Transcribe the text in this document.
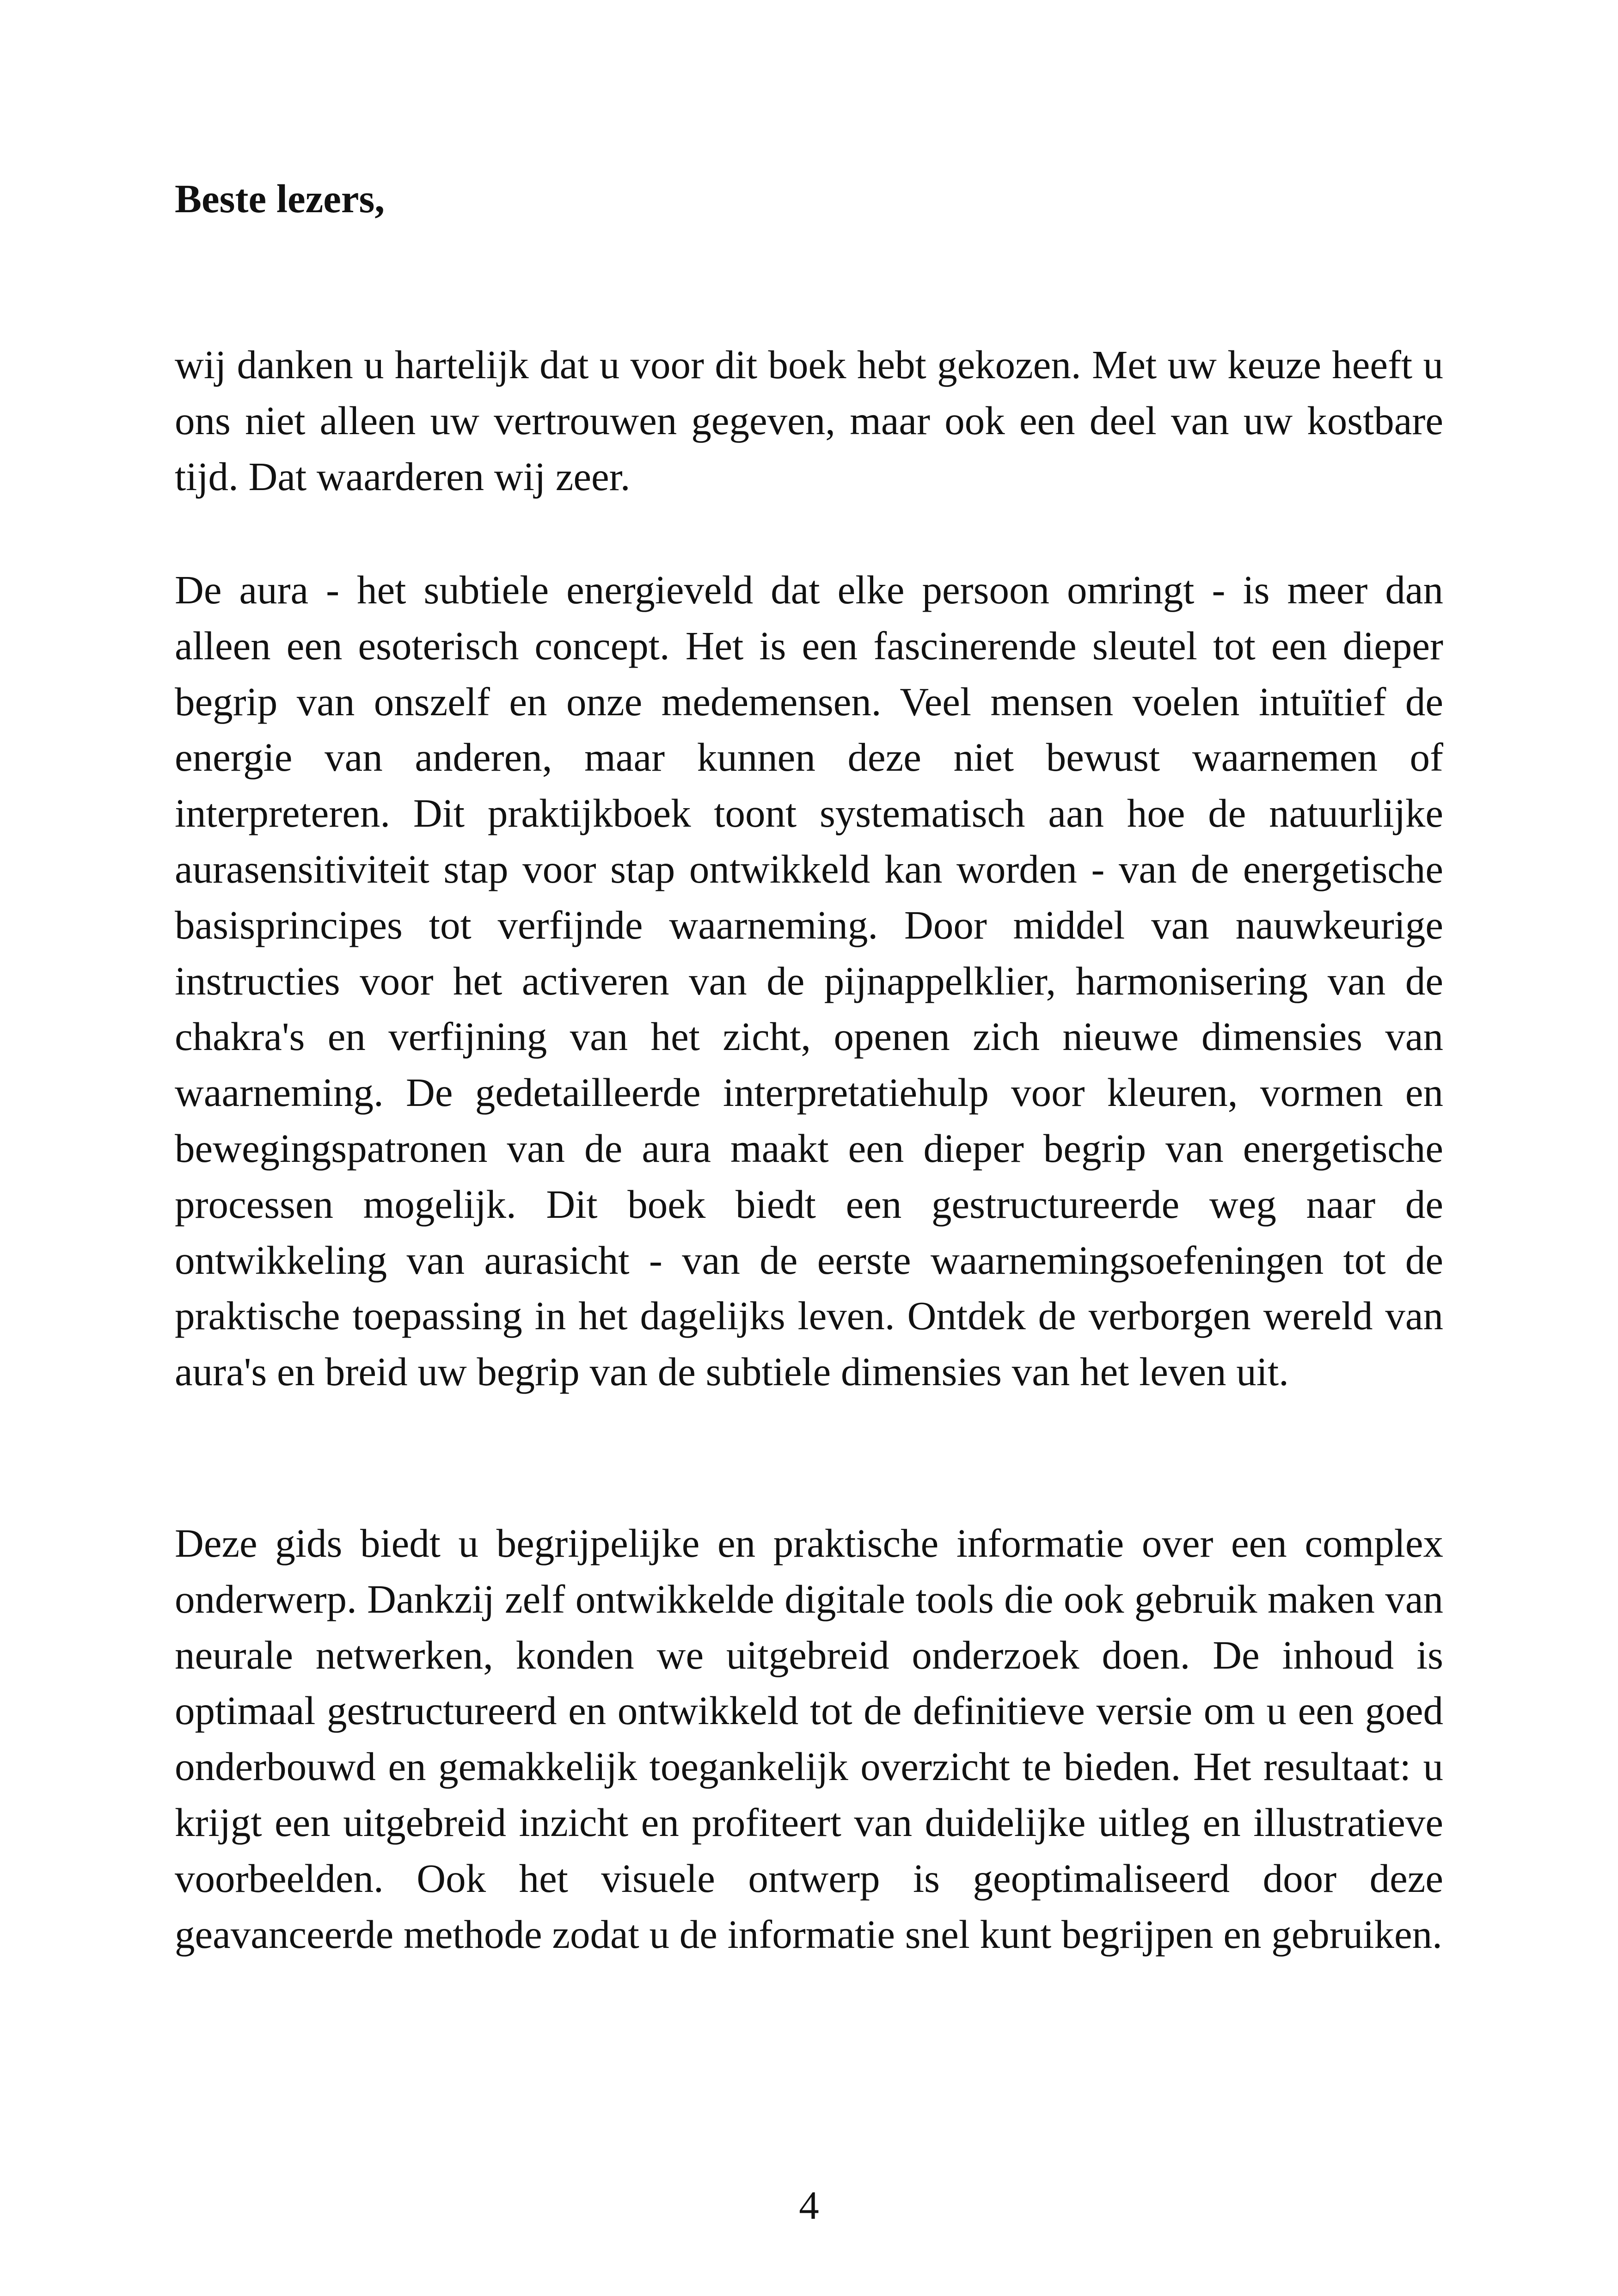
Beste lezers,

wij danken u hartelijk dat u voor dit boek hebt gekozen. Met uw keuze heeft u ons niet alleen uw vertrouwen gegeven, maar ook een deel van uw kostbare tijd. Dat waarderen wij zeer.

De aura - het subtiele energieveld dat elke persoon omringt - is meer dan alleen een esoterisch concept. Het is een fascinerende sleutel tot een dieper begrip van onszelf en onze medemensen. Veel mensen voelen intuïtief de energie van anderen, maar kunnen deze niet bewust waarnemen of interpreteren. Dit praktijkboek toont systematisch aan hoe de natuurlijke aurasensitiviteit stap voor stap ontwikkeld kan worden - van de energetische basisprincipes tot verfijnde waarneming. Door middel van nauwkeurige instructies voor het activeren van de pijnappelklier, harmonisering van de chakra's en verfijning van het zicht, openen zich nieuwe dimensies van waarneming. De gedetailleerde interpretatiehulp voor kleuren, vormen en bewegingspatronen van de aura maakt een dieper begrip van energetische processen mogelijk. Dit boek biedt een gestructureerde weg naar de ontwikkeling van aurasicht - van de eerste waarnemingsoefeningen tot de praktische toepassing in het dagelijks leven. Ontdek de verborgen wereld van aura's en breid uw begrip van de subtiele dimensies van het leven uit.

Deze gids biedt u begrijpelijke en praktische informatie over een complex onderwerp. Dankzij zelf ontwikkelde digitale tools die ook gebruik maken van neurale netwerken, konden we uitgebreid onderzoek doen. De inhoud is optimaal gestructureerd en ontwikkeld tot de definitieve versie om u een goed onderbouwd en gemakkelijk toegankelijk overzicht te bieden. Het resultaat: u krijgt een uitgebreid inzicht en profiteert van duidelijke uitleg en illustratieve voorbeelden. Ook het visuele ontwerp is geoptimaliseerd door deze geavanceerde methode zodat u de informatie snel kunt begrijpen en gebruiken.

4
